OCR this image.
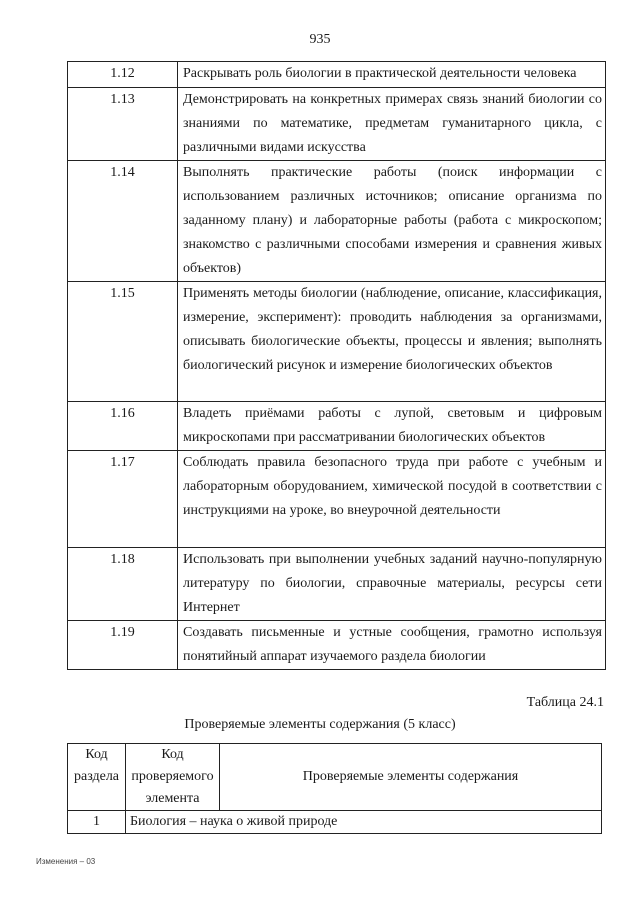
935
1.12	Раскрывать роль биологии в практической деятельности человека
1.13	Демонстрировать на конкретных примерах связь знаний биологии со знаниями по математике, предметам гуманитарного цикла, с различными видами искусства
1.14	Выполнять практические работы (поиск информации с использованием различных источников; описание организма по заданному плану) и лабораторные работы (работа с микроскопом; знакомство с различными способами измерения и сравнения живых объектов)
1.15	Применять методы биологии (наблюдение, описание, классификация, измерение, эксперимент): проводить наблюдения за организмами, описывать биологические объекты, процессы и явления; выполнять биологический рисунок и измерение биологических объектов
1.16	Владеть приёмами работы с лупой, световым и цифровым микроскопами при рассматривании биологических объектов
1.17	Соблюдать правила безопасного труда при работе с учебным и лабораторным оборудованием, химической посудой в соответствии с инструкциями на уроке, во внеурочной деятельности
1.18	Использовать при выполнении учебных заданий научно-популярную литературу по биологии, справочные материалы, ресурсы сети Интернет
1.19	Создавать письменные и устные сообщения, грамотно используя понятийный аппарат изучаемого раздела биологии
Таблица 24.1
Проверяемые элементы содержания (5 класс)
Код раздела	Код проверяемого элемента	Проверяемые элементы содержания
1	Биология – наука о живой природе	
Изменения – 03
